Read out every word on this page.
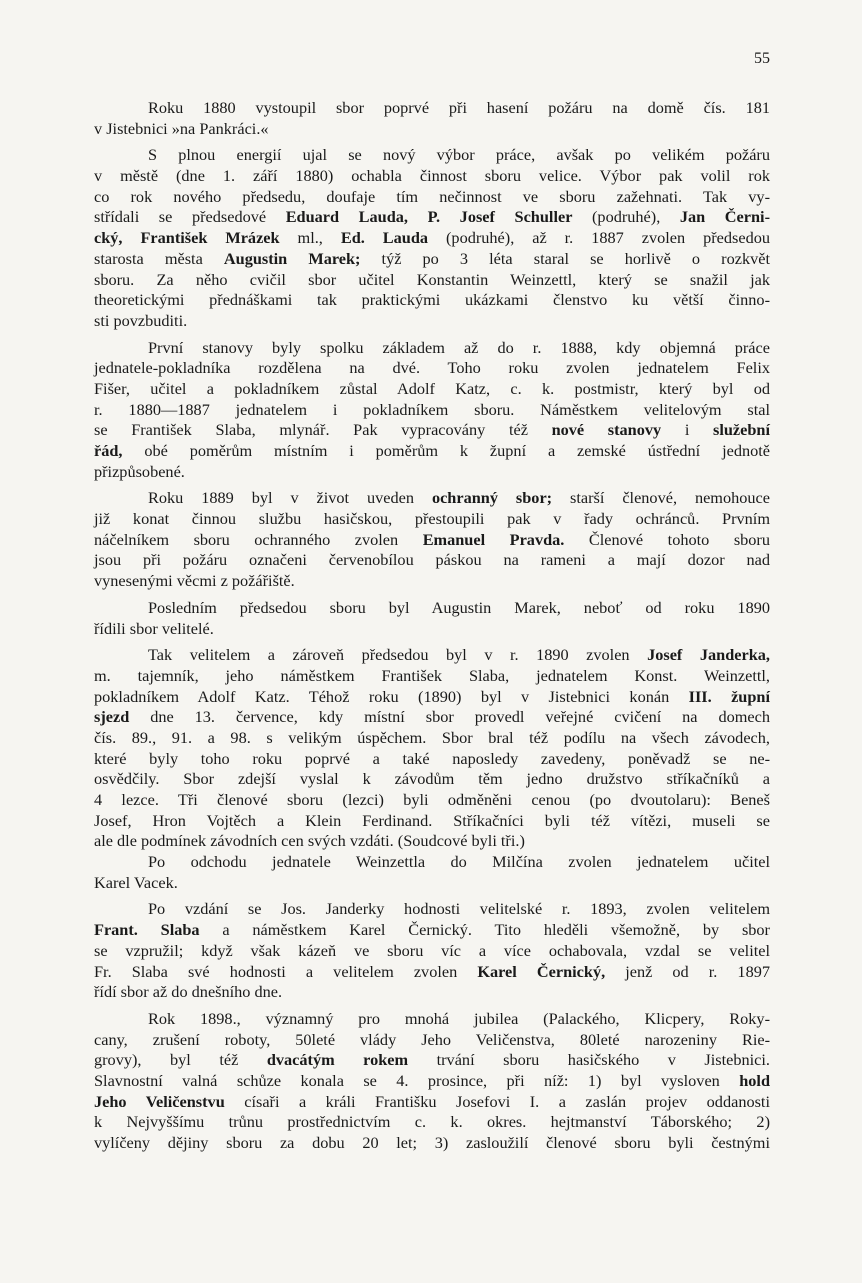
55
Roku 1880 vystoupil sbor poprvé při hasení požáru na domě čís. 181
v Jistebnici »na Pankráci.«
S plnou energií ujal se nový výbor práce, avšak po velikém požáru
v městě (dne 1. září 1880) ochabla činnost sboru velice. Výbor pak volil rok
co rok nového předsedu, doufaje tím nečinnost ve sboru zažehnati. Tak vy-
střídali se předsedové Eduard Lauda, P. Josef Schuller (podruhé), Jan Černi-
cký, František Mrázek ml., Ed. Lauda (podruhé), až r. 1887 zvolen předsedou
starosta města Augustin Marek; týž po 3 léta staral se horlivě o rozkvět
sboru. Za něho cvičil sbor učitel Konstantin Weinzettl, který se snažil jak
theoretickými přednáškami tak praktickými ukázkami členstvo ku větší činno-
sti povzbuditi.
První stanovy byly spolku základem až do r. 1888, kdy objemná práce
jednatele-pokladníka rozdělena na dvé. Toho roku zvolen jednatelem Felix
Fišer, učitel a pokladníkem zůstal Adolf Katz, c. k. postmistr, který byl od
r. 1880—1887 jednatelem i pokladníkem sboru. Náměstkem velitelovým stal
se František Slaba, mlynář. Pak vypracovány též nové stanovy i služební
řád, obé poměrům místním i poměrům k župní a zemské ústřední jednotě
přizpůsobené.
Roku 1889 byl v život uveden ochranný sbor; starší členové, nemohouce
již konat činnou službu hasičskou, přestoupili pak v řady ochránců. Prvním
náčelníkem sboru ochranného zvolen Emanuel Pravda. Členové tohoto sboru
jsou při požáru označeni červenobílou páskou na rameni a mají dozor nad
vynesenými věcmi z požářiště.
Posledním předsedou sboru byl Augustin Marek, neboť od roku 1890
řídili sbor velitelé.
Tak velitelem a zároveň předsedou byl v r. 1890 zvolen Josef Janderka,
m. tajemník, jeho náměstkem František Slaba, jednatelem Konst. Weinzettl,
pokladníkem Adolf Katz. Téhož roku (1890) byl v Jistebnici konán III. župní
sjezd dne 13. července, kdy místní sbor provedl veřejné cvičení na domech
čís. 89., 91. a 98. s velikým úspěchem. Sbor bral též podílu na všech závodech,
které byly toho roku poprvé a také naposledy zavedeny, poněvadž se ne-
osvědčily. Sbor zdejší vyslal k závodům těm jedno družstvo stříkačníků a
4 lezce. Tři členové sboru (lezci) byli odměněni cenou (po dvoutolaru): Beneš
Josef, Hron Vojtěch a Klein Ferdinand. Stříkačníci byli též vítězi, museli se
ale dle podmínek závodních cen svých vzdáti. (Soudcové byli tři.)
Po odchodu jednatele Weinzettla do Milčína zvolen jednatelem učitel
Karel Vacek.
Po vzdání se Jos. Janderky hodnosti velitelské r. 1893, zvolen velitelem
Frant. Slaba a náměstkem Karel Černický. Tito hleděli všemožně, by sbor
se vzpružil; když však kázeň ve sboru víc a více ochabovala, vzdal se velitel
Fr. Slaba své hodnosti a velitelem zvolen Karel Černický, jenž od r. 1897
řídí sbor až do dnešního dne.
Rok 1898., významný pro mnohá jubilea (Palackého, Klicpery, Roky-
cany, zrušení roboty, 50leté vlády Jeho Veličenstva, 80leté narozeniny Rie-
grovy), byl též dvacátým rokem trvání sboru hasičského v Jistebnici.
Slavnostní valná schůze konala se 4. prosince, při níž: 1) byl vysloven hold
Jeho Veličenstvu císaři a králi Františku Josefovi I. a zaslán projev oddanosti
k Nejvyššímu trůnu prostřednictvím c. k. okres. hejtmanství Táborského; 2)
vylíčeny dějiny sboru za dobu 20 let; 3) zasloužilí členové sboru byli čestnými
